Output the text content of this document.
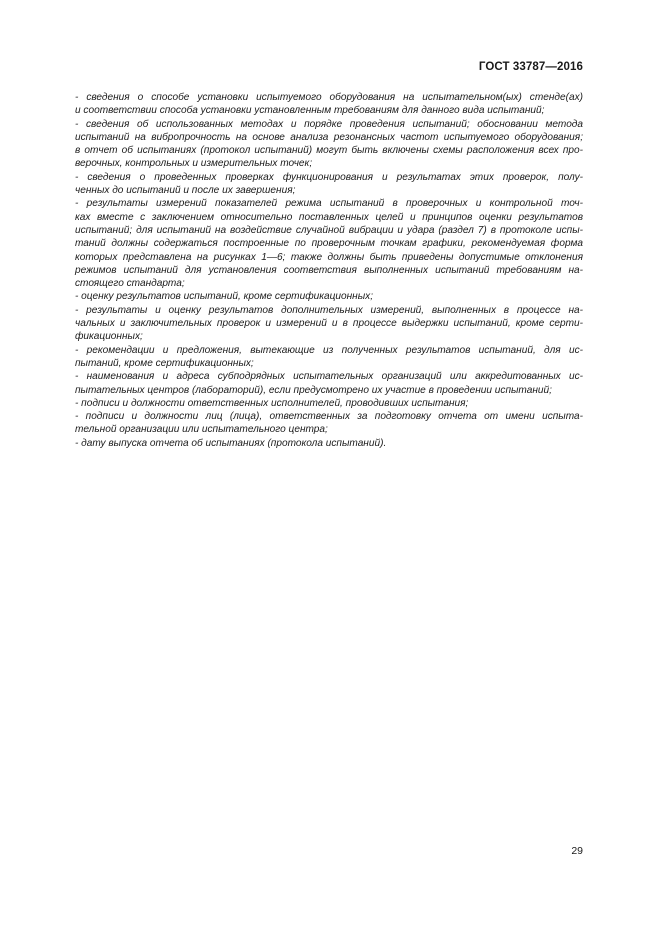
ГОСТ 33787—2016
- сведения о способе установки испытуемого оборудования на испытательном(ых) стенде(ах)
и соответствии способа установки установленным требованиям для данного вида испытаний;
- сведения об использованных методах и порядке проведения испытаний; обосновании метода
испытаний на вибропрочность на основе анализа резонансных частот испытуемого оборудования;
в отчет об испытаниях (протокол испытаний) могут быть включены схемы расположения всех про-
верочных, контрольных и измерительных точек;
- сведения о проведенных проверках функционирования и результатах этих проверок, полу-
ченных до испытаний и после их завершения;
- результаты измерений показателей режима испытаний в проверочных и контрольной точ-
ках вместе с заключением относительно поставленных целей и принципов оценки результатов
испытаний; для испытаний на воздействие случайной вибрации и удара (раздел 7) в протоколе испы-
таний должны содержаться построенные по проверочным точкам графики, рекомендуемая форма
которых представлена на рисунках 1—6; также должны быть приведены допустимые отклонения
режимов испытаний для установления соответствия выполненных испытаний требованиям на-
стоящего стандарта;
- оценку результатов испытаний, кроме сертификационных;
- результаты и оценку результатов дополнительных измерений, выполненных в процессе на-
чальных и заключительных проверок и измерений и в процессе выдержки испытаний, кроме серти-
фикационных;
- рекомендации и предложения, вытекающие из полученных результатов испытаний, для ис-
пытаний, кроме сертификационных;
- наименования и адреса субподрядных испытательных организаций или аккредитованных ис-
пытательных центров (лабораторий), если предусмотрено их участие в проведении испытаний;
- подписи и должности ответственных исполнителей, проводивших испытания;
- подписи и должности лиц (лица), ответственных за подготовку отчета от имени испыта-
тельной организации или испытательного центра;
- дату выпуска отчета об испытаниях (протокола испытаний).
29
